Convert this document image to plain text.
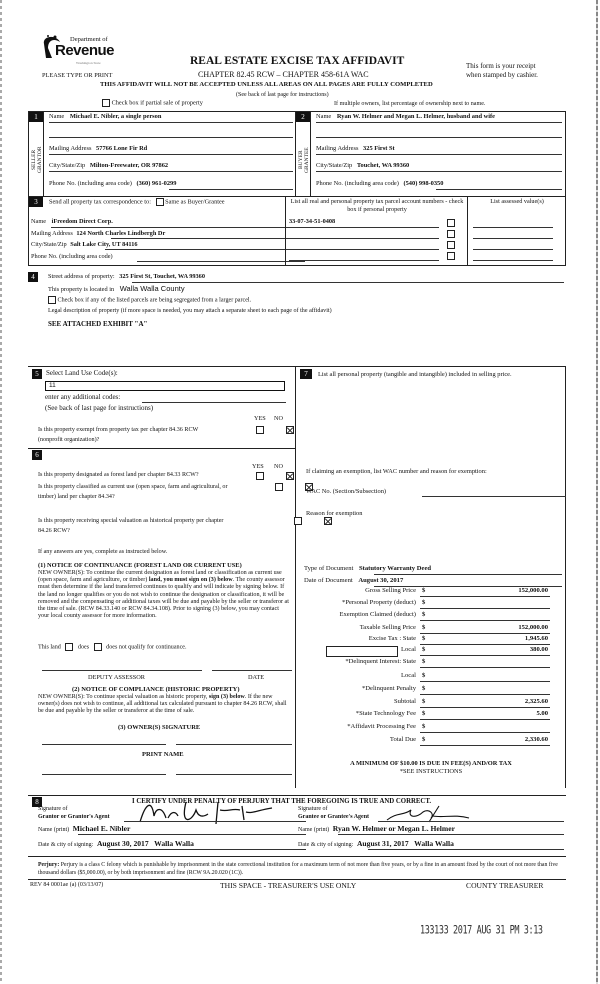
Department of
Revenue
Washington State
PLEASE TYPE OR PRINT
REAL ESTATE EXCISE TAX AFFIDAVIT
CHAPTER 82.45 RCW – CHAPTER 458-61A WAC
This form is your receipt
when stamped by cashier.
THIS AFFIDAVIT WILL NOT BE ACCEPTED UNLESS ALL AREAS ON ALL PAGES ARE FULLY COMPLETED
(See back of last page for instructions)
Check box if partial sale of property	If multiple owners, list percentage of ownership next to name.
1
SELLER GRANTOR
Name Michael E. Nibler, a single person
Mailing Address 57766 Lone Fir Rd
City/State/Zip Milton-Freewater, OR 97862
Phone No. (including area code) (360) 961-0299
2
BUYER GRANTEE
Name Ryan W. Helmer and Megan L. Helmer, husband and wife
Mailing Address 325 First St
City/State/Zip Touchet, WA 99360
Phone No. (including area code) (540) 998-0350
3	Send all property tax correspondence to: Same as Buyer/Grantee
Name iFreedom Direct Corp.
Mailing Address 124 North Charles Lindbergh Dr
City/State/Zip Salt Lake City, UT 84116
Phone No. (including area code)
List all real and personal property tax parcel account numbers - check box if personal property
List assessed value(s)
33-07-34-51-0408
4	Street address of property: 325 First St, Touchet, WA 99360
This property is located in Walla Walla County
Check box if any of the listed parcels are being segregated from a larger parcel.
Legal description of property (if more space is needed, you may attach a separate sheet to each page of the affidavit)
SEE ATTACHED EXHIBIT "A"
5	Select Land Use Code(s):
11
enter any additional codes:
(See back of last page for instructions)
YES NO
Is this property exempt from property tax per chapter 84.36 RCW (nonprofit organization)?

6
YES NO
Is this property designated as forest land per chapter 84.33 RCW?

Is this property classified as current use (open space, farm and agricultural, or timber) land per chapter 84.34?

Is this property receiving special valuation as historical property per chapter 84.26 RCW?

If any answers are yes, complete as instructed below.
(1) NOTICE OF CONTINUANCE (FOREST LAND OR CURRENT USE)
NEW OWNER(S): To continue the current designation as forest land or classification as current use (open space, farm and agriculture, or timber) land, you must sign on (3) below. The county assessor must then determine if the land transferred continues to qualify and will indicate by signing below. If the land no longer qualifies or you do not wish to continue the designation or classification, it will be removed and the compensating or additional taxes will be due and payable by the seller or transferor at the time of sale. (RCW 84.33.140 or RCW 84.34.108). Prior to signing (3) below, you may contact your local county assessor for more information.
This land	does	does not qualify for continuance.
DEPUTY ASSESSOR	DATE
(2) NOTICE OF COMPLIANCE (HISTORIC PROPERTY)
NEW OWNER(S): To continue special valuation as historic property, sign (3) below. If the new owner(s) does not wish to continue, all additional tax calculated pursuant to chapter 84.26 RCW, shall be due and payable by the seller or transferor at the time of sale.
(3) OWNER(S) SIGNATURE
PRINT NAME
7	List all personal property (tangible and intangible) included in selling price.
If claiming an exemption, list WAC number and reason for exemption:
WAC No. (Section/Subsection)
Reason for exemption
Type of Document Statutory Warranty Deed
Date of Document August 30, 2017
Gross Selling Price $	152,000.00
*Personal Property (deduct) $
Exemption Claimed (deduct) $
Taxable Selling Price $	152,000.00
Excise Tax : State $	1,945.60
Local $	380.00
*Delinquent Interest: State $
Local $
*Delinquent Penalty $
Subtotal $	2,325.60
*State Technology Fee $	5.00
*Affidavit Processing Fee $
Total Due $	2,330.60
A MINIMUM OF $10.00 IS DUE IN FEE(S) AND/OR TAX
*SEE INSTRUCTIONS
8	I CERTIFY UNDER PENALTY OF PERJURY THAT THE FOREGOING IS TRUE AND CORRECT.
Signature of
Grantor or Grantor's Agent
Signature of
Grantee or Grantee's Agent
Name (print) Michael E. Nibler	Name (print) Ryan W. Helmer or Megan L. Helmer
Date & city of signing: August 30, 2017   Walla Walla	Date & city of signing: August 31, 2017   Walla Walla
Perjury: Perjury is a class C felony which is punishable by imprisonment in the state correctional institution for a maximum term of not more than five years, or by a fine in an amount fixed by the court of not more than five thousand dollars ($5,000.00), or by both imprisonment and fine (RCW 9A.20.020 (1C)).
REV 84 0001ae (a) (03/13/07)	THIS SPACE - TREASURER'S USE ONLY	COUNTY TREASURER
133133 2017 AUG 31 PM 3:13
